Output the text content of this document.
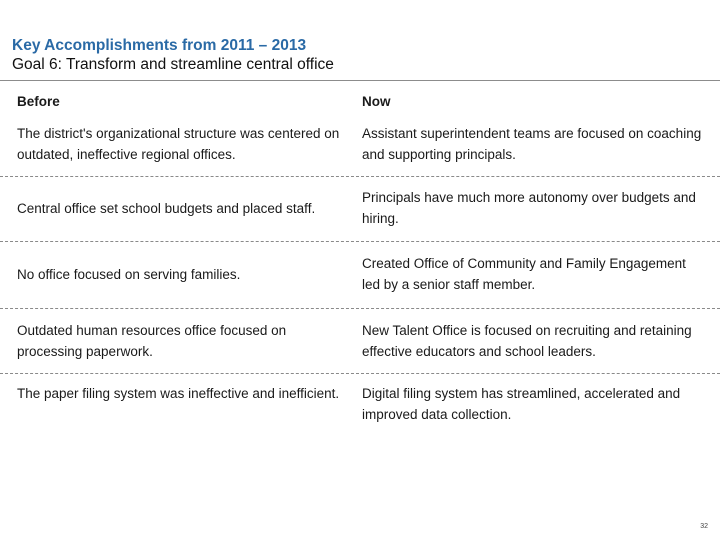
Key Accomplishments from 2011 – 2013

Goal 6: Transform and streamline central office

Before	Now
The district's organizational structure was centered on outdated, ineffective regional offices.
Assistant superintendent teams are focused on coaching and supporting principals.
Central office set school budgets and placed staff.
Principals have much more autonomy over budgets and hiring.
No office focused on serving families.
Created Office of Community and Family Engagement led by a senior staff member.
Outdated human resources office focused on processing paperwork.
New Talent Office is focused on recruiting and retaining effective educators and school leaders.
The paper filing system was ineffective and inefficient.	Digital filing system has streamlined, accelerated and improved data collection.
32
